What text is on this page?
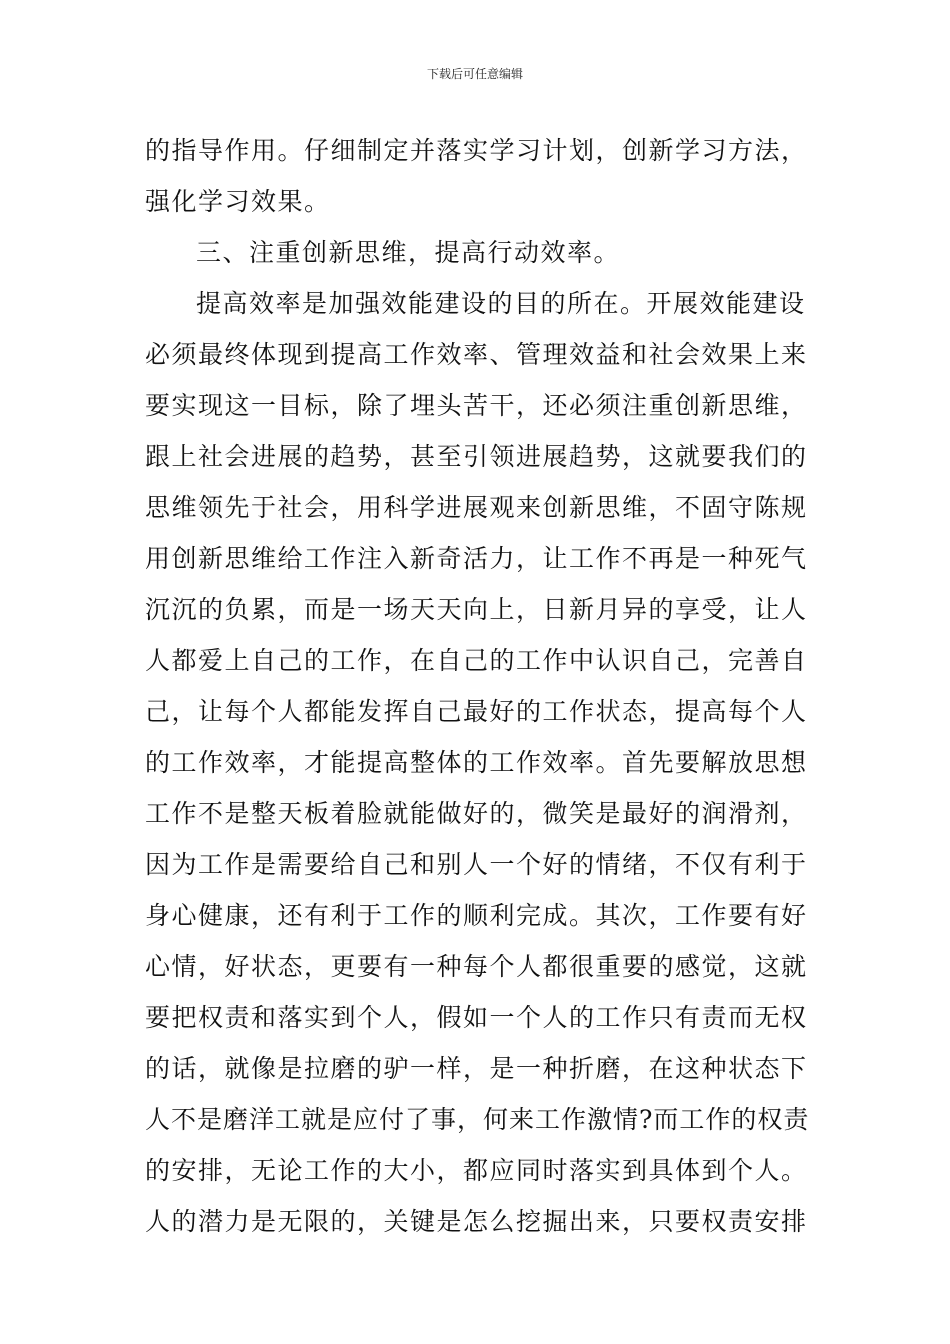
下载后可任意编辑
的指导作用。仔细制定并落实学习计划，创新学习方法，
强化学习效果。
三、注重创新思维，提高行动效率。
提高效率是加强效能建设的目的所在。开展效能建设
必须最终体现到提高工作效率、管理效益和社会效果上来
要实现这一目标，除了埋头苦干，还必须注重创新思维，
跟上社会进展的趋势，甚至引领进展趋势，这就要我们的
思维领先于社会，用科学进展观来创新思维，不固守陈规
用创新思维给工作注入新奇活力，让工作不再是一种死气
沉沉的负累，而是一场天天向上，日新月异的享受，让人
人都爱上自己的工作，在自己的工作中认识自己，完善自
己，让每个人都能发挥自己最好的工作状态，提高每个人
的工作效率，才能提高整体的工作效率。首先要解放思想
工作不是整天板着脸就能做好的，微笑是最好的润滑剂，
因为工作是需要给自己和别人一个好的情绪，不仅有利于
身心健康，还有利于工作的顺利完成。其次，工作要有好
心情，好状态，更要有一种每个人都很重要的感觉，这就
要把权责和落实到个人，假如一个人的工作只有责而无权
的话，就像是拉磨的驴一样，是一种折磨，在这种状态下
人不是磨洋工就是应付了事，何来工作激情?而工作的权责
的安排，无论工作的大小，都应同时落实到具体到个人。
人的潜力是无限的，关键是怎么挖掘出来，只要权责安排
